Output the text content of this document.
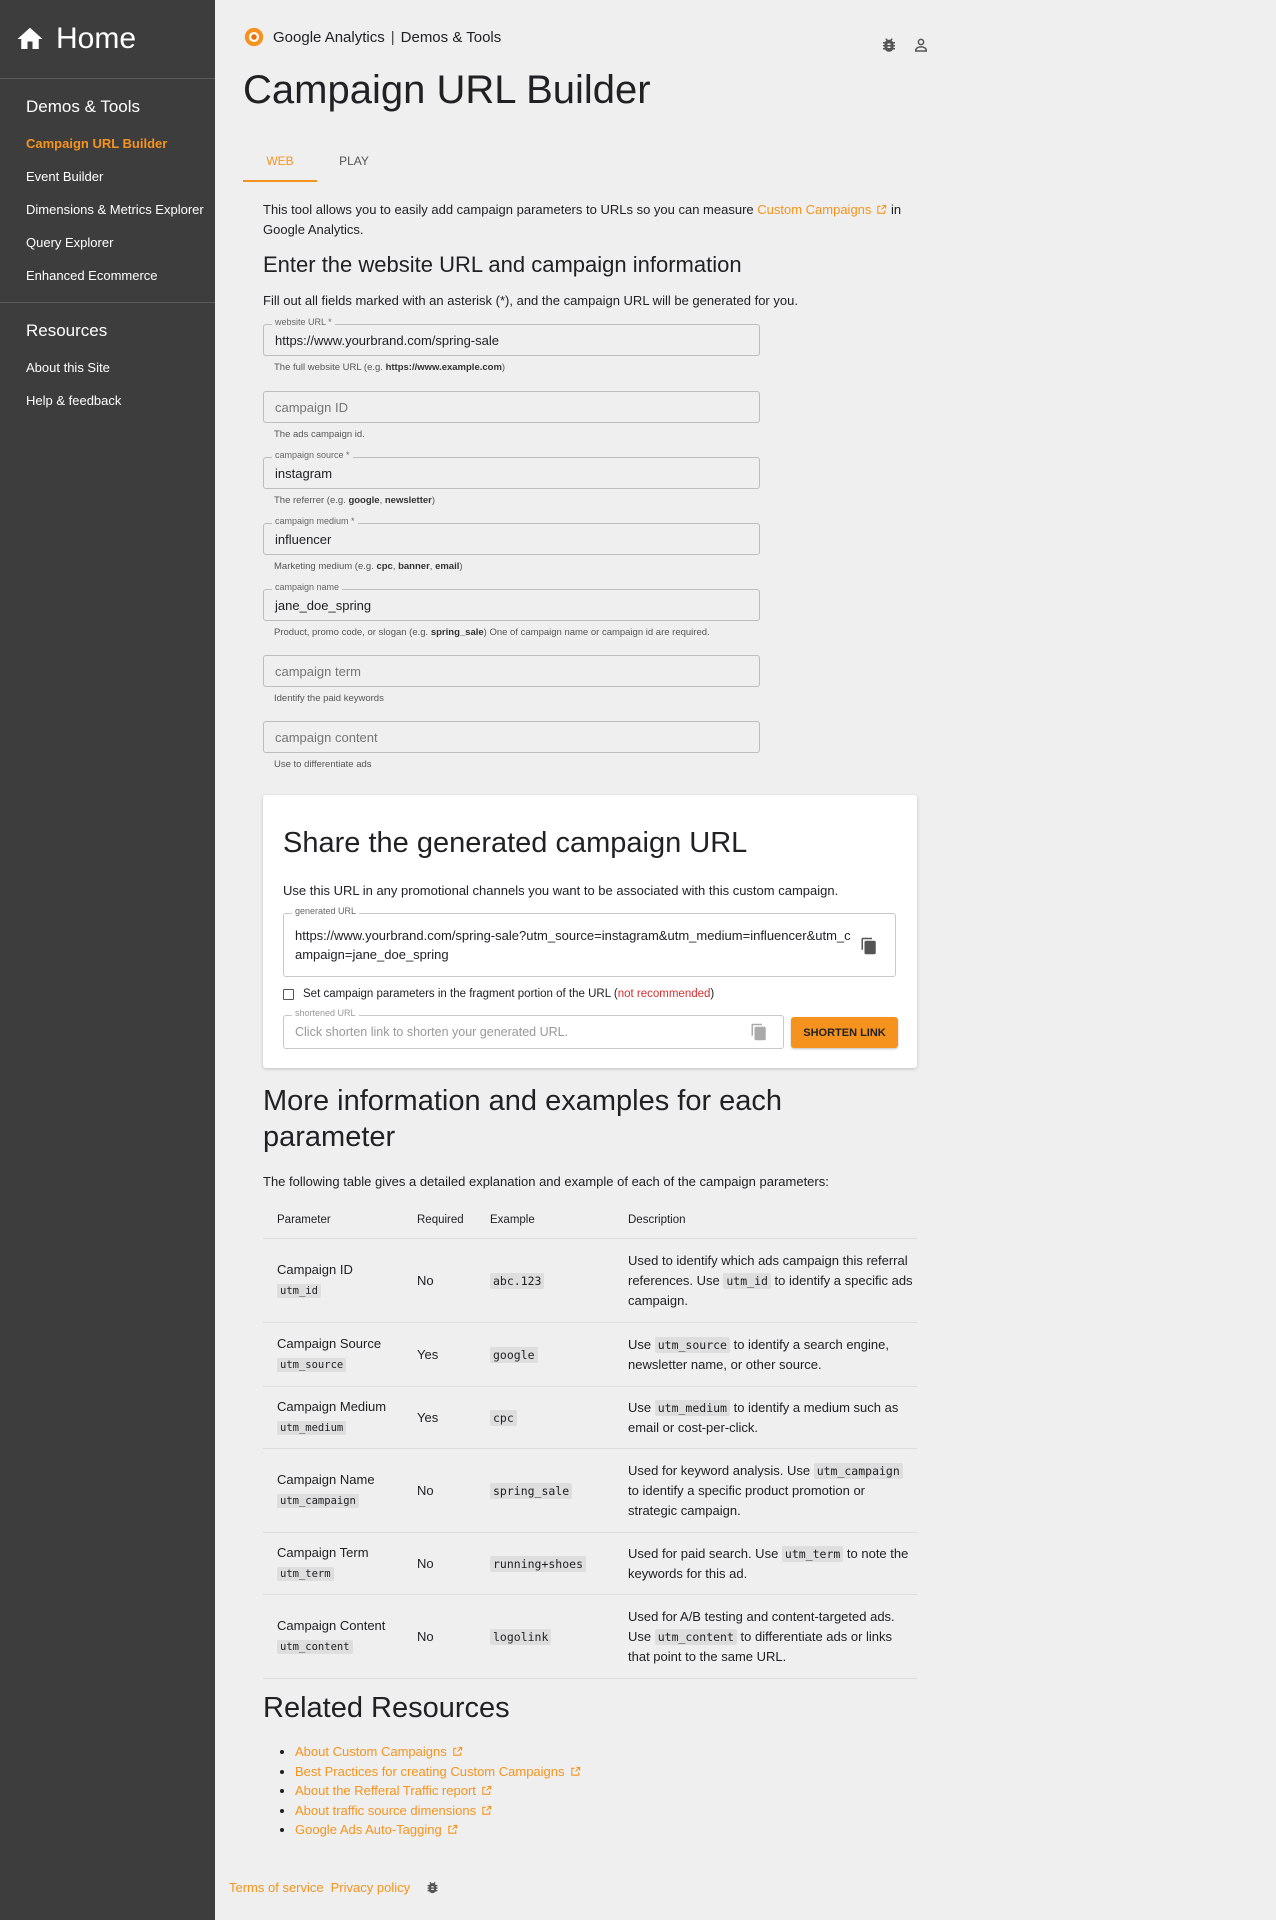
Home
Demos & Tools
Campaign URL Builder
Event Builder
Dimensions & Metrics Explorer
Query Explorer
Enhanced Ecommerce
Resources
About this Site
Help & feedback
Google Analytics | Demos & Tools
Campaign URL Builder
WEB	PLAY
This tool allows you to easily add campaign parameters to URLs so you can measure Custom Campaigns in Google Analytics.
Enter the website URL and campaign information
Fill out all fields marked with an asterisk (*), and the campaign URL will be generated for you.
website URL *
https://www.yourbrand.com/spring-sale
The full website URL (e.g. https://www.example.com)
campaign ID
The ads campaign id.
campaign source *
instagram
The referrer (e.g. google, newsletter)
campaign medium *
influencer
Marketing medium (e.g. cpc, banner, email)
campaign name
jane_doe_spring
Product, promo code, or slogan (e.g. spring_sale) One of campaign name or campaign id are required.
campaign term
Identify the paid keywords
campaign content
Use to differentiate ads
Share the generated campaign URL
Use this URL in any promotional channels you want to be associated with this custom campaign.
generated URL
https://www.yourbrand.com/spring-sale?utm_source=instagram&utm_medium=influencer&utm_campaign=jane_doe_spring
Set campaign parameters in the fragment portion of the URL ( not recommended )
shortened URL
Click shorten link to shorten your generated URL.	SHORTEN LINK
More information and examples for each parameter
The following table gives a detailed explanation and example of each of the campaign parameters:
Parameter	Required	Example	Description

Campaign ID
utm_id	No	abc.123	Used to identify which ads campaign this referral references. Use utm_id to identify a specific ads campaign.

Campaign Source
utm_source	Yes	google	Use utm_source to identify a search engine, newsletter name, or other source.

Campaign Medium
utm_medium	Yes	cpc	Use utm_medium to identify a medium such as email or cost-per-click.

Campaign Name
utm_campaign	No	spring_sale	Used for keyword analysis. Use utm_campaign to identify a specific product promotion or strategic campaign.

Campaign Term
utm_term	No	running+shoes	Used for paid search. Use utm_term to note the keywords for this ad.

Campaign Content
utm_content	No	logolink	Used for A/B testing and content-targeted ads. Use utm_content to differentiate ads or links that point to the same URL.
Related Resources
• About Custom Campaigns
• Best Practices for creating Custom Campaigns
• About the Refferal Traffic report
• About traffic source dimensions
• Google Ads Auto-Tagging
Terms of service Privacy policy
